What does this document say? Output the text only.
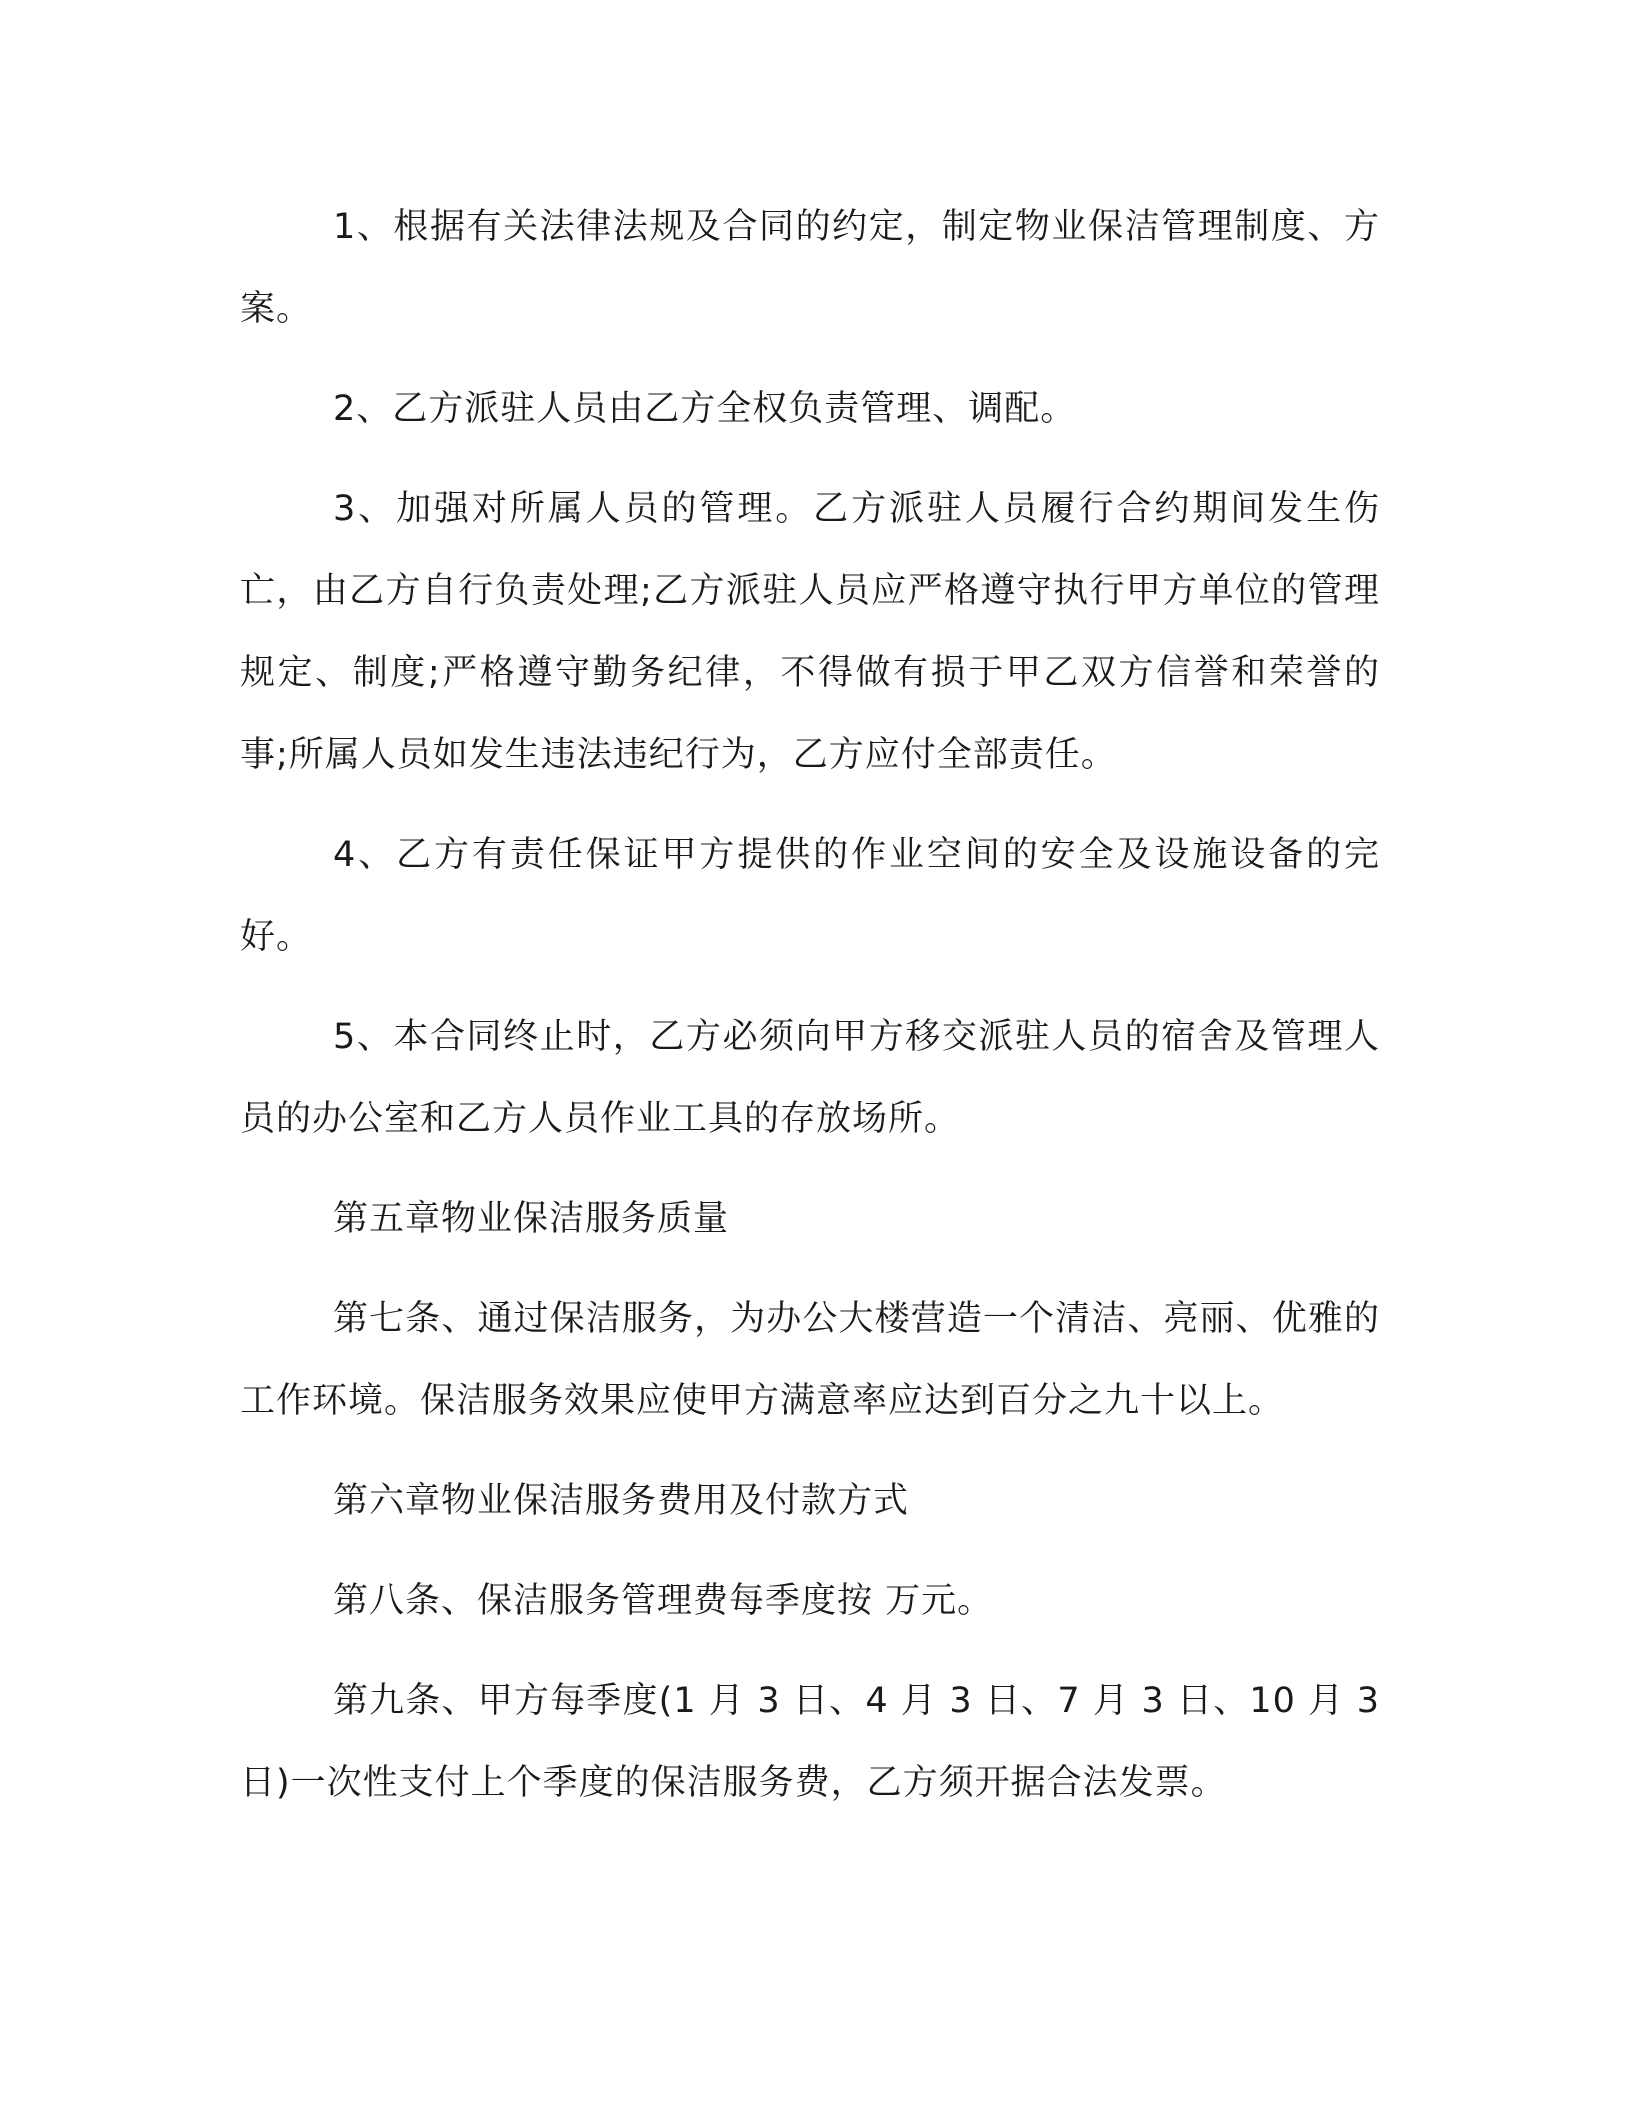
1、根据有关法律法规及合同的约定，制定物业保洁管理制度、方案。

2、乙方派驻人员由乙方全权负责管理、调配。

3、加强对所属人员的管理。乙方派驻人员履行合约期间发生伤亡，由乙方自行负责处理;乙方派驻人员应严格遵守执行甲方单位的管理规定、制度;严格遵守勤务纪律，不得做有损于甲乙双方信誉和荣誉的事;所属人员如发生违法违纪行为，乙方应付全部责任。

4、乙方有责任保证甲方提供的作业空间的安全及设施设备的完好。

5、本合同终止时，乙方必须向甲方移交派驻人员的宿舍及管理人员的办公室和乙方人员作业工具的存放场所。

第五章物业保洁服务质量

第七条、通过保洁服务，为办公大楼营造一个清洁、亮丽、优雅的工作环境。保洁服务效果应使甲方满意率应达到百分之九十以上。

第六章物业保洁服务费用及付款方式

第八条、保洁服务管理费每季度按 万元。

第九条、甲方每季度(1 月 3 日、4 月 3 日、7 月 3 日、10 月 3 日)一次性支付上个季度的保洁服务费，乙方须开据合法发票。
